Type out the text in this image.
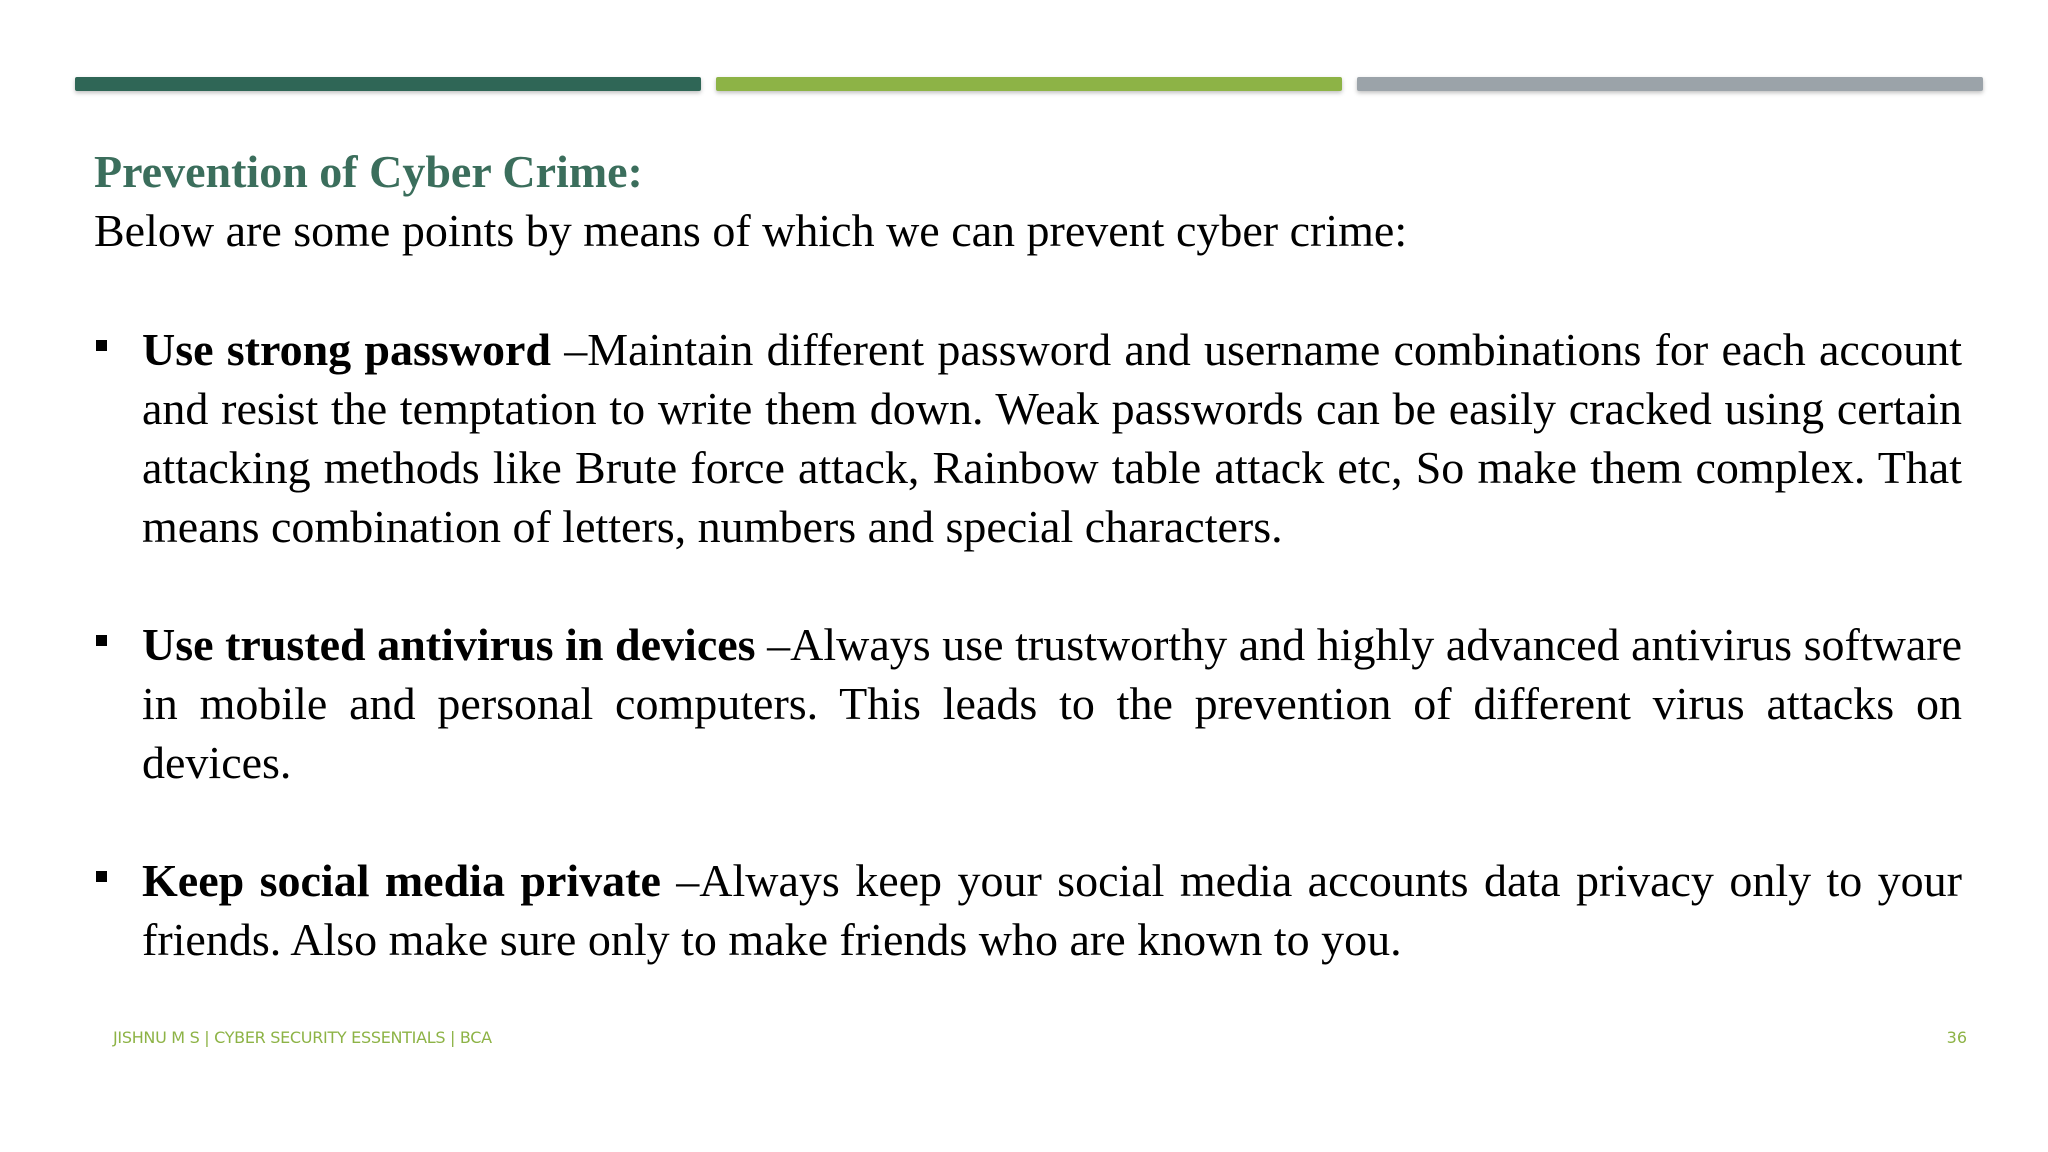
Prevention of Cyber Crime:

Below are some points by means of which we can prevent cyber crime:

Use strong password –Maintain different password and username combinations for each account and resist the temptation to write them down. Weak passwords can be easily cracked using certain attacking methods like Brute force attack, Rainbow table attack etc, So make them complex. That means combination of letters, numbers and special characters.
Use trusted antivirus in devices –Always use trustworthy and highly advanced antivirus software in mobile and personal computers. This leads to the prevention of different virus attacks on devices.
Keep social media private –Always keep your social media accounts data privacy only to your friends. Also make sure only to make friends who are known to you.
JISHNU M S | CYBER SECURITY ESSENTIALS | BCA	36
